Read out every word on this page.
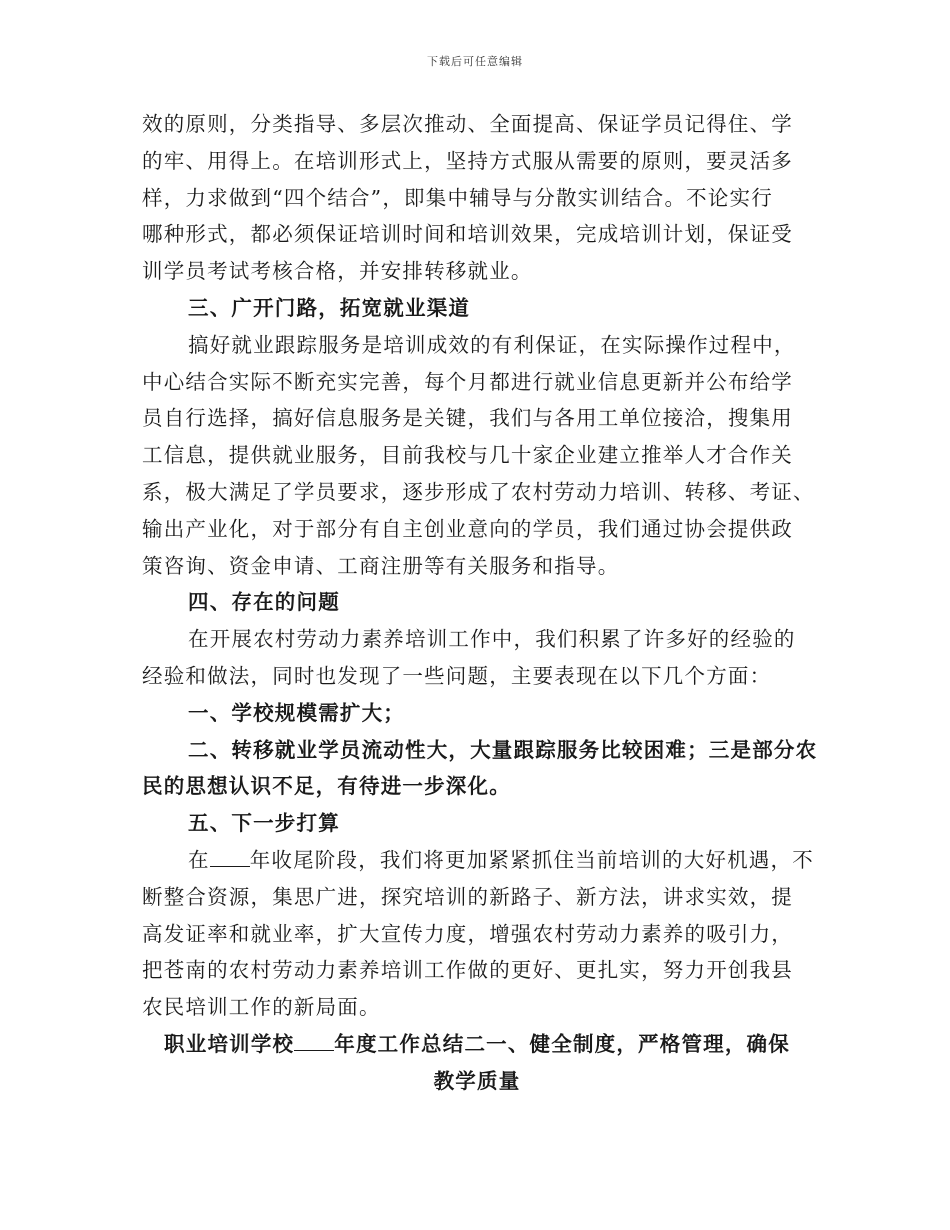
下载后可任意编辑
效的原则，分类指导、多层次推动、全面提高、保证学员记得住、学
的牢、用得上。在培训形式上，坚持方式服从需要的原则，要灵活多
样，力求做到“四个结合”，即集中辅导与分散实训结合。不论实行
哪种形式，都必须保证培训时间和培训效果，完成培训计划，保证受
训学员考试考核合格，并安排转移就业。
三、广开门路，拓宽就业渠道
搞好就业跟踪服务是培训成效的有利保证，在实际操作过程中，
中心结合实际不断充实完善，每个月都进行就业信息更新并公布给学
员自行选择，搞好信息服务是关键，我们与各用工单位接洽，搜集用
工信息，提供就业服务，目前我校与几十家企业建立推举人才合作关
系，极大满足了学员要求，逐步形成了农村劳动力培训、转移、考证、
输出产业化，对于部分有自主创业意向的学员，我们通过协会提供政
策咨询、资金申请、工商注册等有关服务和指导。
四、存在的问题
在开展农村劳动力素养培训工作中，我们积累了许多好的经验的
经验和做法，同时也发现了一些问题，主要表现在以下几个方面：
一、学校规模需扩大；
二、转移就业学员流动性大，大量跟踪服务比较困难；三是部分农
民的思想认识不足，有待进一步深化。
五、下一步打算
在 年收尾阶段，我们将更加紧紧抓住当前培训的大好机遇，不
断整合资源，集思广进，探究培训的新路子、新方法，讲求实效，提
高发证率和就业率，扩大宣传力度，增强农村劳动力素养的吸引力，
把苍南的农村劳动力素养培训工作做的更好、更扎实，努力开创我县
农民培训工作的新局面。
职业培训学校 年度工作总结二一、健全制度，严格管理，确保
教学质量
